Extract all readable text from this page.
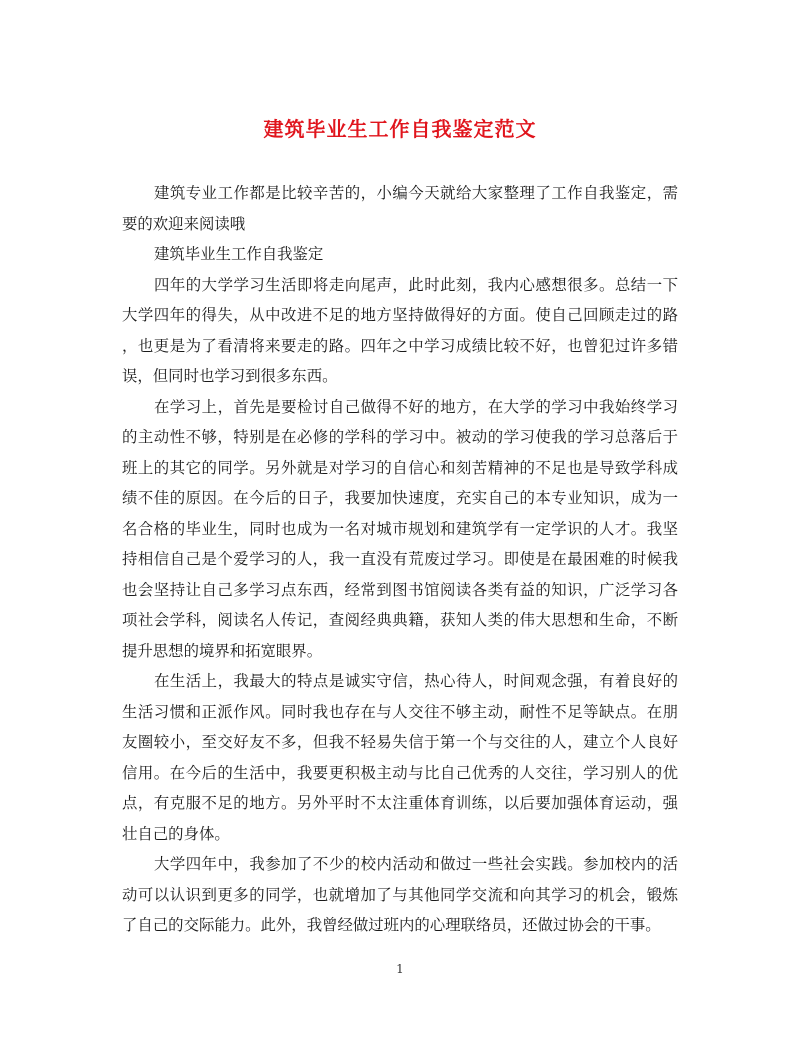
建筑毕业生工作自我鉴定范文
建筑专业工作都是比较辛苦的，小编今天就给大家整理了工作自我鉴定，需
要的欢迎来阅读哦
建筑毕业生工作自我鉴定
四年的大学学习生活即将走向尾声，此时此刻，我内心感想很多。总结一下
大学四年的得失，从中改进不足的地方坚持做得好的方面。使自己回顾走过的路
，也更是为了看清将来要走的路。四年之中学习成绩比较不好，也曾犯过许多错
误，但同时也学习到很多东西。
在学习上，首先是要检讨自己做得不好的地方，在大学的学习中我始终学习
的主动性不够，特别是在必修的学科的学习中。被动的学习使我的学习总落后于
班上的其它的同学。另外就是对学习的自信心和刻苦精神的不足也是导致学科成
绩不佳的原因。在今后的日子，我要加快速度，充实自己的本专业知识，成为一
名合格的毕业生，同时也成为一名对城市规划和建筑学有一定学识的人才。我坚
持相信自己是个爱学习的人，我一直没有荒废过学习。即使是在最困难的时候我
也会坚持让自己多学习点东西，经常到图书馆阅读各类有益的知识，广泛学习各
项社会学科，阅读名人传记，查阅经典典籍，获知人类的伟大思想和生命，不断
提升思想的境界和拓宽眼界。
在生活上，我最大的特点是诚实守信，热心待人，时间观念强，有着良好的
生活习惯和正派作风。同时我也存在与人交往不够主动，耐性不足等缺点。在朋
友圈较小，至交好友不多，但我不轻易失信于第一个与交往的人，建立个人良好
信用。在今后的生活中，我要更积极主动与比自己优秀的人交往，学习别人的优
点，有克服不足的地方。另外平时不太注重体育训练，以后要加强体育运动，强
壮自己的身体。
大学四年中，我参加了不少的校内活动和做过一些社会实践。参加校内的活
动可以认识到更多的同学，也就增加了与其他同学交流和向其学习的机会，锻炼
了自己的交际能力。此外，我曾经做过班内的心理联络员，还做过协会的干事。
1
